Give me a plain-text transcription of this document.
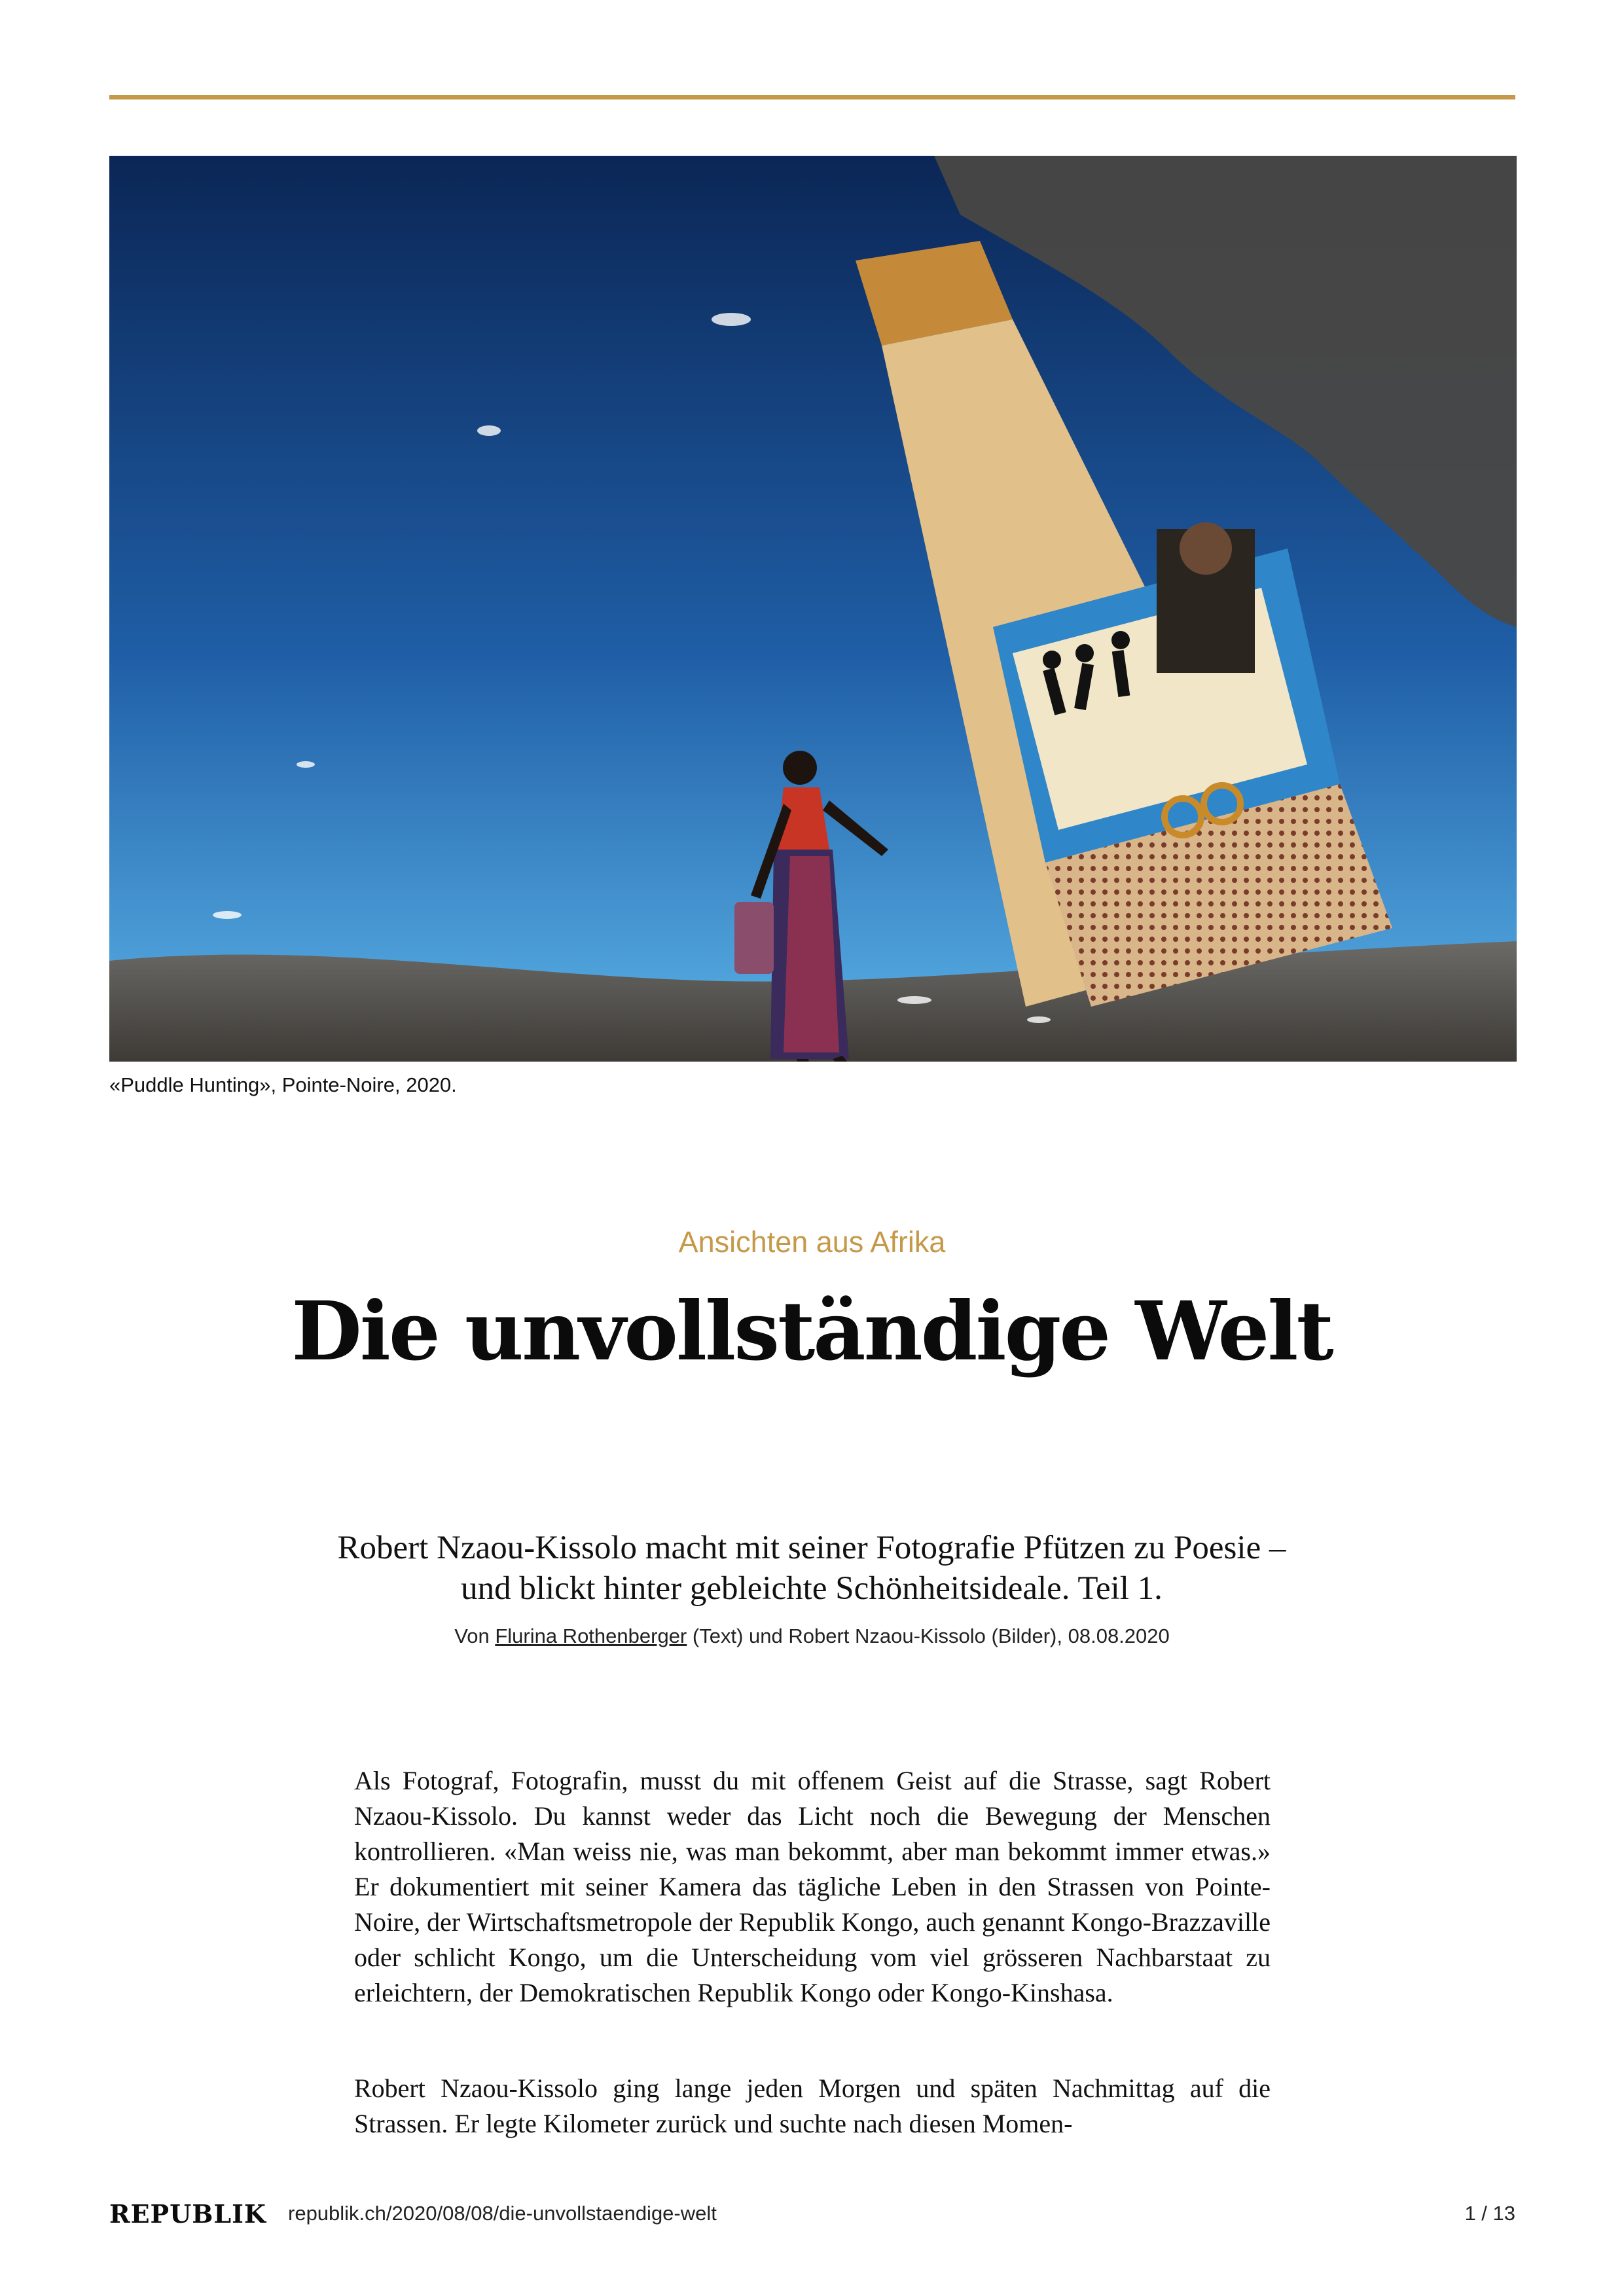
«Puddle Hunting», Pointe-Noire, 2020.
Ansichten aus Afrika
Die unvollständige Welt

Robert Nzaou-Kissolo macht mit seiner Fotografie Pfützen zu Poesie – und blickt hinter gebleichte Schönheitsideale. Teil 1.

Von Flurina Rothenberger (Text) und Robert Nzaou-Kissolo (Bilder), 08.08.2020

Als Fotograf, Fotografin, musst du mit offenem Geist auf die Strasse, sagt Robert Nzaou-Kissolo. Du kannst weder das Licht noch die Bewegung der Menschen kontrollieren. «Man weiss nie, was man bekommt, aber man bekommt immer etwas.» Er dokumentiert mit seiner Kamera das tägliche Leben in den Strassen von Pointe-Noire, der Wirtschaftsmetropole der Republik Kongo, auch genannt Kongo-Brazzaville oder schlicht Kongo, um die Unterscheidung vom viel grösseren Nachbarstaat zu erleichtern, der Demokratischen Republik Kongo oder Kongo-Kinshasa.

Robert Nzaou-Kissolo ging lange jeden Morgen und späten Nachmittag auf die Strassen. Er legte Kilometer zurück und suchte nach diesen Momen-

REPUBLIK republik.ch/2020/08/08/die-unvollstaendige-welt	1 / 13
